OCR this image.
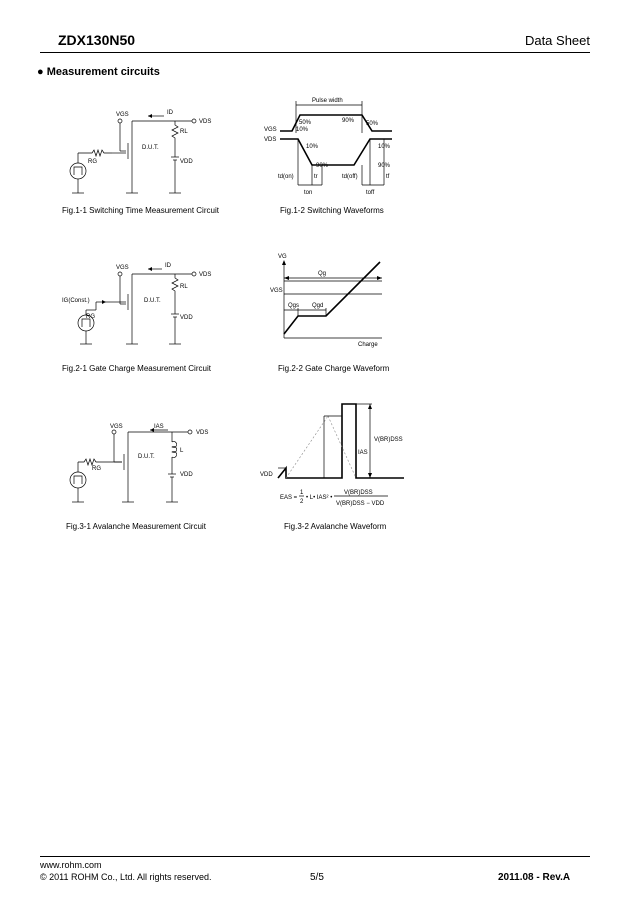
ZDX130N50	Data Sheet
● Measurement circuits
VGS	ID
VDS
D.U.T.
RL
VDD
RG
Fig.1-1 Switching Time Measurement Circuit
Pulse width
50%
10%
90% 50%
VGS
VDS
10%	10%
90%	90%
td(on)	tr	td(off)	tf
ton	toff
Fig.1-2 Switching Waveforms
VGS	ID
VDS
D.U.T.
RL
VDD
IG(Const.)
RG
Fig.2-1 Gate Charge Measurement Circuit
VG
Qg
VGS
Qgs Qgd
Charge
Fig.2-2 Gate Charge Waveform
VGS	IAS
VDS
D.U.T.
L
VDD
RG
Fig.3-1 Avalanche Measurement Circuit
V(BR)DSS
IAS
VDD
EAS =
1
2
• L• IAS² •
V(BR)DSS
V(BR)DSS − VDD
Fig.3-2 Avalanche Waveform
www.rohm.com
© 2011 ROHM Co., Ltd. All rights reserved.	5/5	2011.08 - Rev.A
